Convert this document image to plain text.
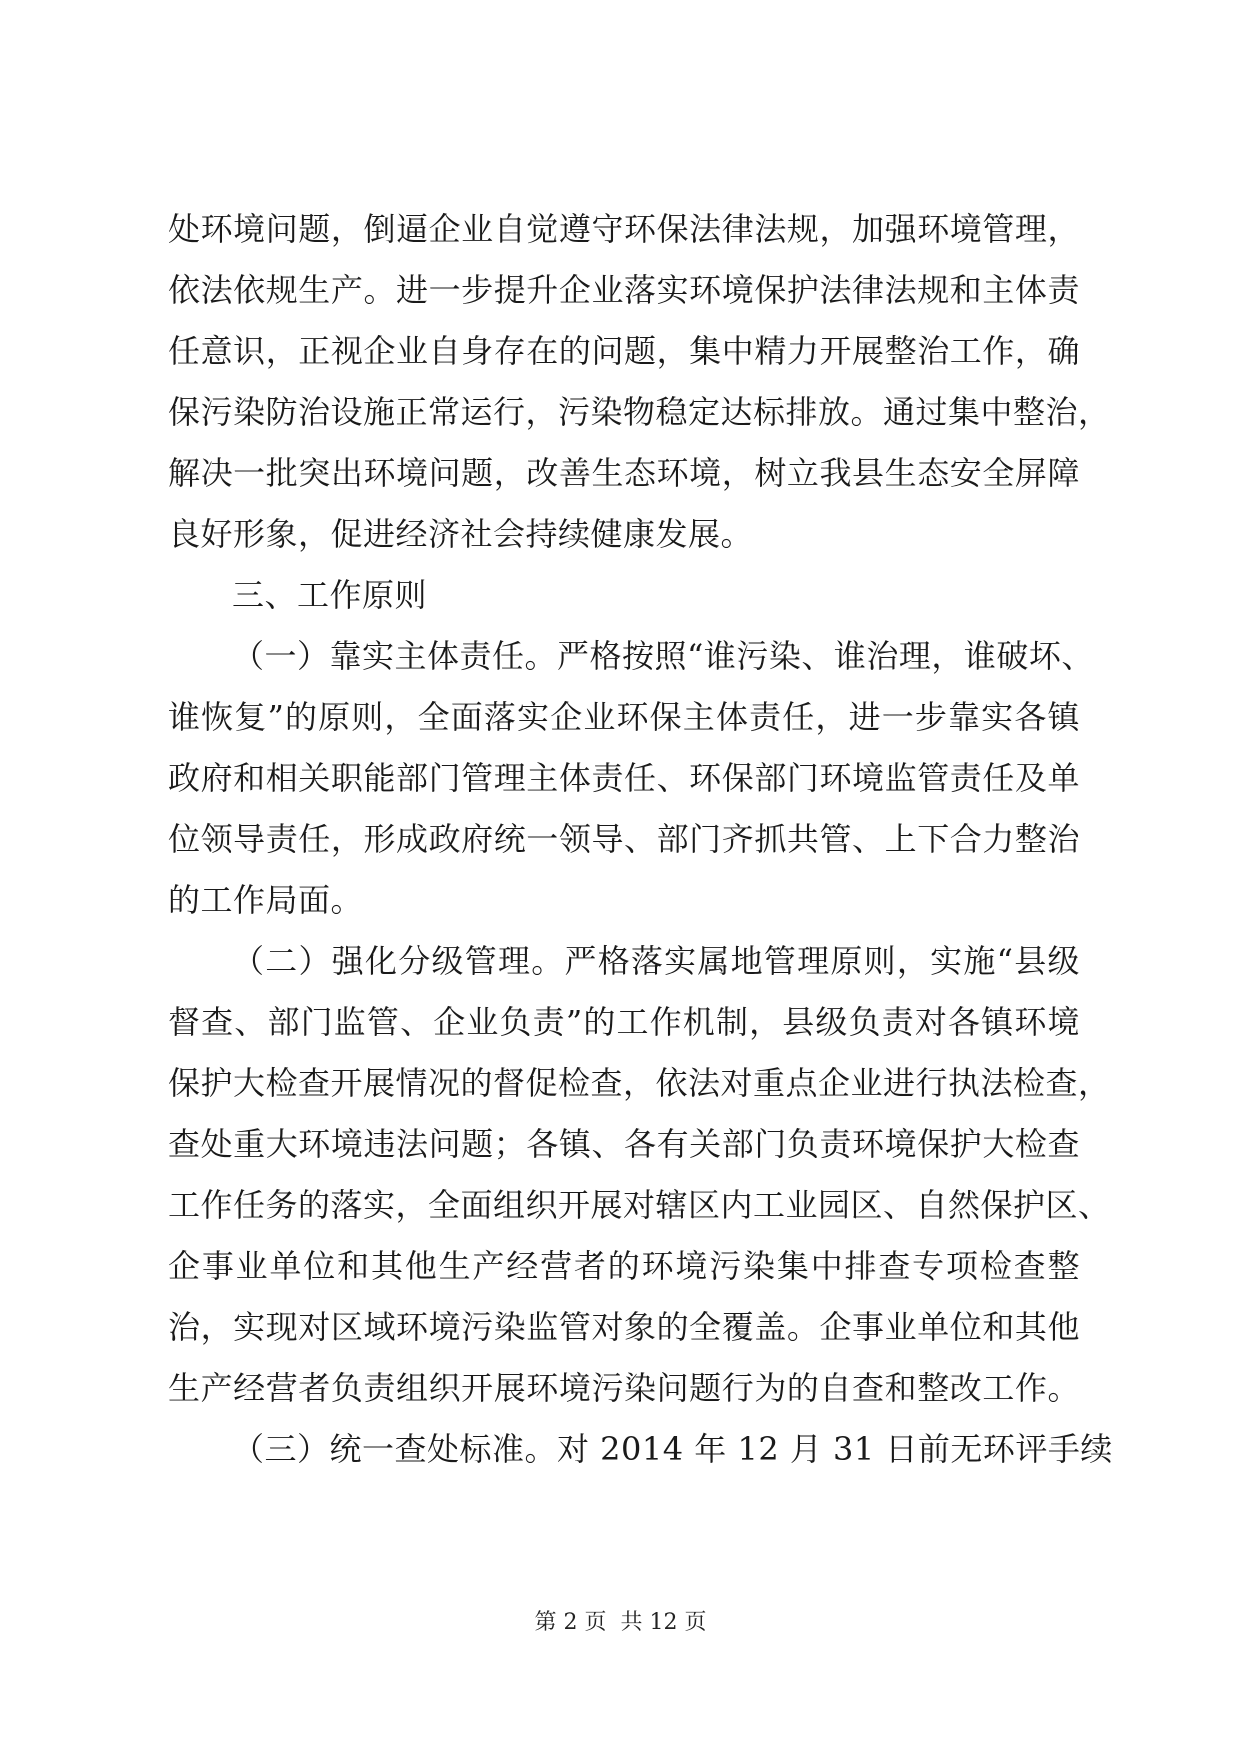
处环境问题，倒逼企业自觉遵守环保法律法规，加强环境管理，
依法依规生产。进一步提升企业落实环境保护法律法规和主体责
任意识，正视企业自身存在的问题，集中精力开展整治工作，确
保污染防治设施正常运行，污染物稳定达标排放。通过集中整治，
解决一批突出环境问题，改善生态环境，树立我县生态安全屏障
良好形象，促进经济社会持续健康发展。
三、工作原则
（一）靠实主体责任。严格按照“谁污染、谁治理，谁破坏、
谁恢复”的原则，全面落实企业环保主体责任，进一步靠实各镇
政府和相关职能部门管理主体责任、环保部门环境监管责任及单
位领导责任，形成政府统一领导、部门齐抓共管、上下合力整治
的工作局面。
（二）强化分级管理。严格落实属地管理原则，实施“县级
督查、部门监管、企业负责”的工作机制，县级负责对各镇环境
保护大检查开展情况的督促检查，依法对重点企业进行执法检查，
查处重大环境违法问题；各镇、各有关部门负责环境保护大检查
工作任务的落实，全面组织开展对辖区内工业园区、自然保护区、
企事业单位和其他生产经营者的环境污染集中排查专项检查整
治，实现对区域环境污染监管对象的全覆盖。企事业单位和其他
生产经营者负责组织开展环境污染问题行为的自查和整改工作。
（三）统一查处标准。对 2014 年 12 月 31 日前无环评手续
第 2 页  共 12 页
